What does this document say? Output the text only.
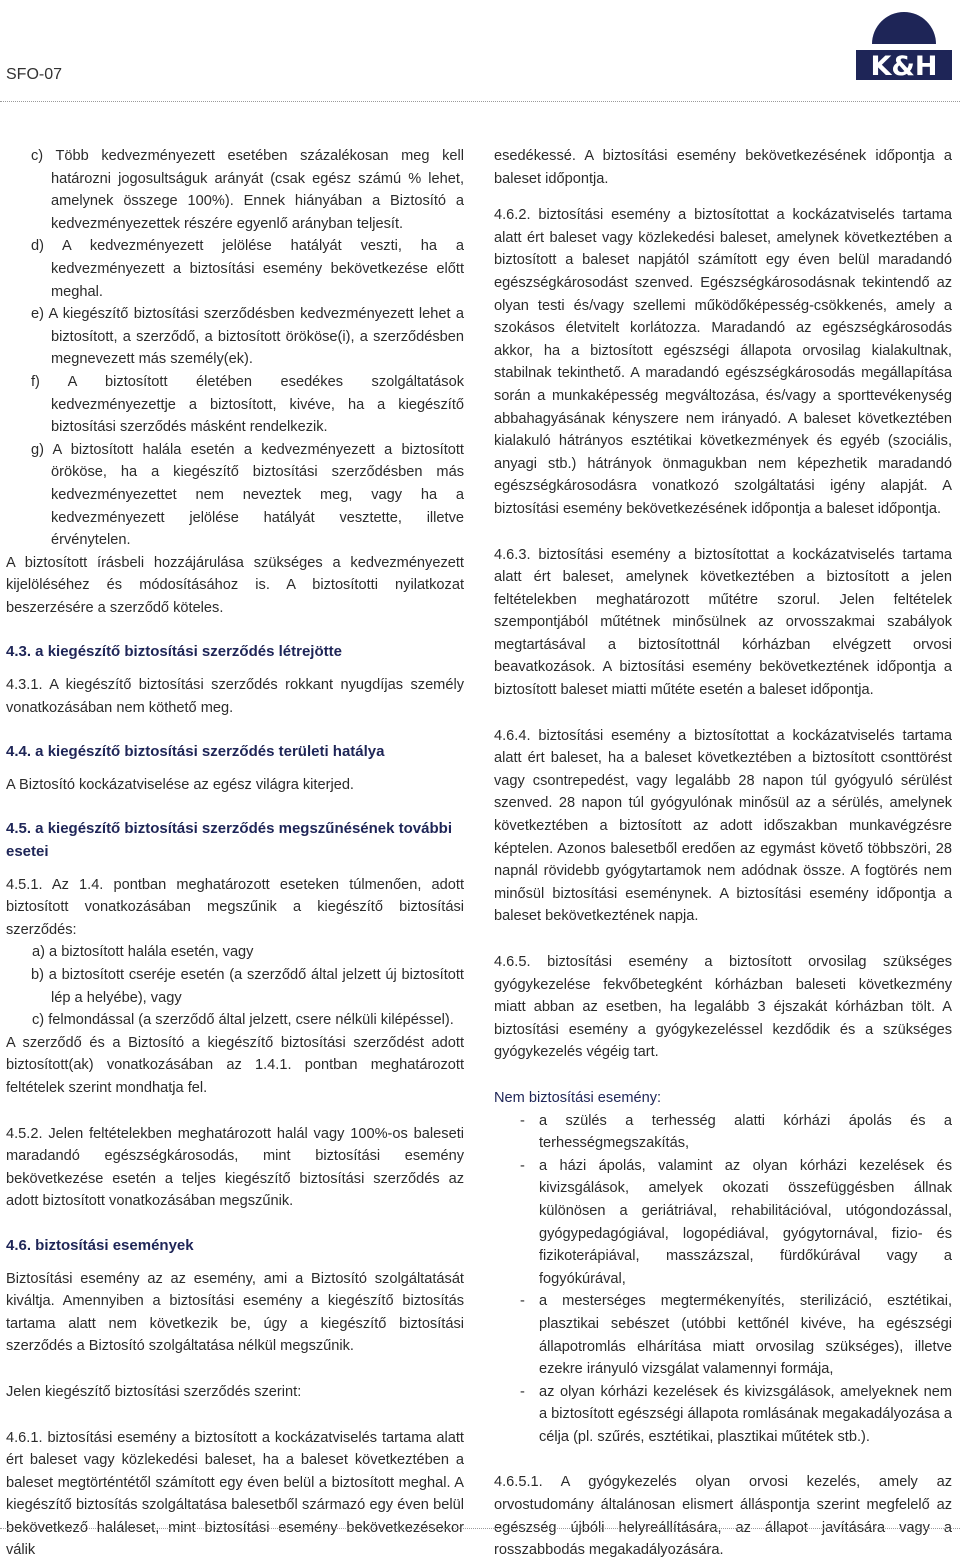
SFO-07	K&H

c) Több kedvezményezett esetében százalékosan meg kell határozni jogosultságuk arányát (csak egész számú % lehet, amelynek összege 100%). Ennek hiányában a Biztosító a kedvezményezettek részére egyenlő arányban teljesít.

d) A kedvezményezett jelölése hatályát veszti, ha a kedvezményezett a biztosítási esemény bekövetkezése előtt meghal.

e) A kiegészítő biztosítási szerződésben kedvezményezett lehet a biztosított, a szerződő, a biztosított örököse(i), a szerződésben megnevezett más személy(ek).

f) A biztosított életében esedékes szolgáltatások kedvezményezettje a biztosított, kivéve, ha a kiegészítő biztosítási szerződés másként rendelkezik.

g) A biztosított halála esetén a kedvezményezett a biztosított örököse, ha a kiegészítő biztosítási szerződésben más kedvezményezettet nem neveztek meg, vagy ha a kedvezményezett jelölése hatályát vesztette, illetve érvénytelen.

A biztosított írásbeli hozzájárulása szükséges a kedvezményezett kijelöléséhez és módosításához is. A biztosítotti nyilatkozat beszerzésére a szerződő köteles.

4.3. a kiegészítő biztosítási szerződés létrejötte

4.3.1. A kiegészítő biztosítási szerződés rokkant nyugdíjas személy vonatkozásában nem köthető meg.

4.4. a kiegészítő biztosítási szerződés területi hatálya

A Biztosító kockázatviselése az egész világra kiterjed.

4.5. a kiegészítő biztosítási szerződés megszűnésének további esetei

4.5.1. Az 1.4. pontban meghatározott eseteken túlmenően, adott biztosított vonatkozásában megszűnik a kiegészítő biztosítási szerződés:

a) a biztosított halála esetén, vagy

b) a biztosított cseréje esetén (a szerződő által jelzett új biztosított lép a helyébe), vagy

c) felmondással (a szerződő által jelzett, csere nélküli kilépéssel).

A szerződő és a Biztosító a kiegészítő biztosítási szerződést adott biztosított(ak) vonatkozásában az 1.4.1. pontban meghatározott feltételek szerint mondhatja fel.

4.5.2. Jelen feltételekben meghatározott halál vagy 100%-os baleseti maradandó egészségkárosodás, mint biztosítási esemény bekövetkezése esetén a teljes kiegészítő biztosítási szerződés az adott biztosított vonatkozásában megszűnik.

4.6. biztosítási események

Biztosítási esemény az az esemény, ami a Biztosító szolgáltatását kiváltja. Amennyiben a biztosítási esemény a kiegészítő biztosítás tartama alatt nem következik be, úgy a kiegészítő biztosítási szerződés a Biztosító szolgáltatása nélkül megszűnik.

Jelen kiegészítő biztosítási szerződés szerint:

4.6.1. biztosítási esemény a biztosított a kockázatviselés tartama alatt ért baleset vagy közlekedési baleset, ha a baleset következtében a baleset megtörténtétől számított egy éven belül a biztosított meghal. A kiegészítő biztosítás szolgáltatása balesetből származó egy éven belül bekövetkező haláleset, mint biztosítási esemény bekövetkezésekor válik

esedékessé. A biztosítási esemény bekövetkezésének időpontja a baleset időpontja.

4.6.2. biztosítási esemény a biztosítottat a kockázatviselés tartama alatt ért baleset vagy közlekedési baleset, amelynek következtében a biztosított a baleset napjától számított egy éven belül maradandó egészségkárosodást szenved. Egészségkárosodásnak tekintendő az olyan testi és/vagy szellemi működőképesség-csökkenés, amely a szokásos életvitelt korlátozza. Maradandó az egészségkárosodás akkor, ha a biztosított egészségi állapota orvosilag kialakultnak, stabilnak tekinthető. A maradandó egészségkárosodás megállapítása során a munkaképesség megváltozása, és/vagy a sporttevékenység abbahagyásának kényszere nem irányadó. A baleset következtében kialakuló hátrányos esztétikai következmények és egyéb (szociális, anyagi stb.) hátrányok önmagukban nem képezhetik maradandó egészségkárosodásra vonatkozó szolgáltatási igény alapját. A biztosítási esemény bekövetkezésének időpontja a baleset időpontja.

4.6.3. biztosítási esemény a biztosítottat a kockázatviselés tartama alatt ért baleset, amelynek következtében a biztosított a jelen feltételekben meghatározott műtétre szorul. Jelen feltételek szempontjából műtétnek minősülnek az orvosszakmai szabályok megtartásával a biztosítottnál kórházban elvégzett orvosi beavatkozások. A biztosítási esemény bekövetkeztének időpontja a biztosított baleset miatti műtéte esetén a baleset időpontja.

4.6.4. biztosítási esemény a biztosítottat a kockázatviselés tartama alatt ért baleset, ha a baleset következtében a biztosított csonttörést vagy csontrepedést, vagy legalább 28 napon túl gyógyuló sérülést szenved. 28 napon túl gyógyulónak minősül az a sérülés, amelynek következtében a biztosított az adott időszakban munkavégzésre képtelen. Azonos balesetből eredően az egymást követő többszöri, 28 napnál rövidebb gyógytartamok nem adódnak össze. A fogtörés nem minősül biztosítási eseménynek. A biztosítási esemény időpontja a baleset bekövetkeztének napja.

4.6.5. biztosítási esemény a biztosított orvosilag szükséges gyógykezelése fekvőbetegként kórházban baleseti következmény miatt abban az esetben, ha legalább 3 éjszakát kórházban tölt. A biztosítási esemény a gyógykezeléssel kezdődik és a szükséges gyógykezelés végéig tart.

Nem biztosítási esemény:

- a szülés a terhesség alatti kórházi ápolás és a terhességmegszakítás,

- a házi ápolás, valamint az olyan kórházi kezelések és kivizsgálások, amelyek okozati összefüggésben állnak különösen a geriátriával, rehabilitációval, utógondozással, gyógypedagógiával, logopédiával, gyógytornával, fizio- és fizikoterápiával, masszázszal, fürdőkúrával vagy a fogyókúrával,

- a mesterséges megtermékenyítés, sterilizáció, esztétikai, plasztikai sebészet (utóbbi kettőnél kivéve, ha egészségi állapotromlás elhárítása miatt orvosilag szükséges), illetve ezekre irányuló vizsgálat valamennyi formája,

- az olyan kórházi kezelések és kivizsgálások, amelyeknek nem a biztosított egészségi állapota romlásának megakadályozása a célja (pl. szűrés, esztétikai, plasztikai műtétek stb.).

4.6.5.1. A gyógykezelés olyan orvosi kezelés, amely az orvostudomány általánosan elismert álláspontja szerint megfelelő az egészség újbóli helyreállítására, az állapot javítására vagy a rosszabbodás megakadályozására.
